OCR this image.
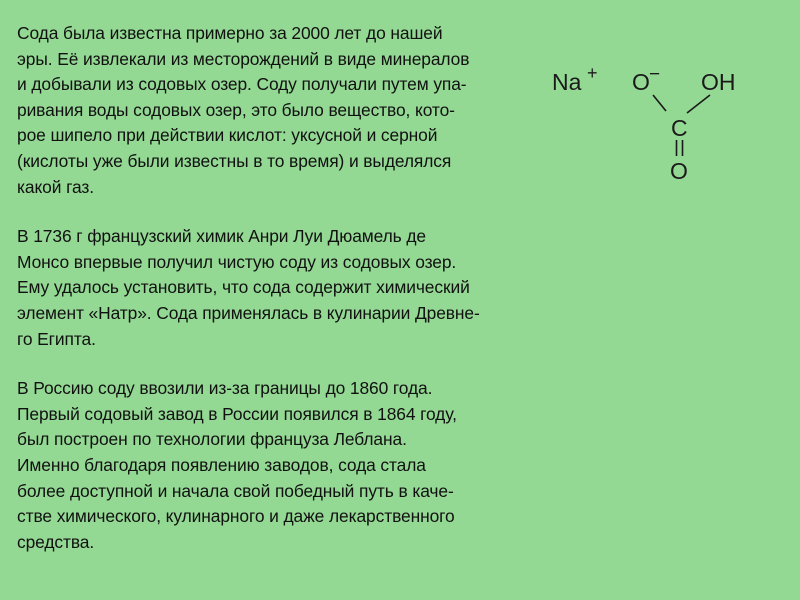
Сода была известна примерно за 2000 лет до нашей
эры. Её извлекали из месторождений в виде минералов
и добывали из содовых озер. Соду получали путем упа-
ривания воды содовых озер, это было вещество, кото-
рое шипело при действии кислот: уксусной и серной
(кислоты уже были известны в то время) и выделялся
какой газ.

В 1736 г французский химик Анри Луи Дюамель де
Монсо впервые получил чистую соду из содовых озер.
Ему удалось установить, что сода содержит химический
элемент «Натр». Сода применялась в кулинарии Древне-
го Египта.

В Россию соду ввозили из-за границы до 1860 года.
Первый содовый завод в России появился в 1864 году,
был построен по технологии француза Леблана.
Именно благодаря появлению заводов, сода стала
более доступной и начала свой победный путь в каче-
стве химического, кулинарного и даже лекарственного
средства.

Na + O − OH
C
O
